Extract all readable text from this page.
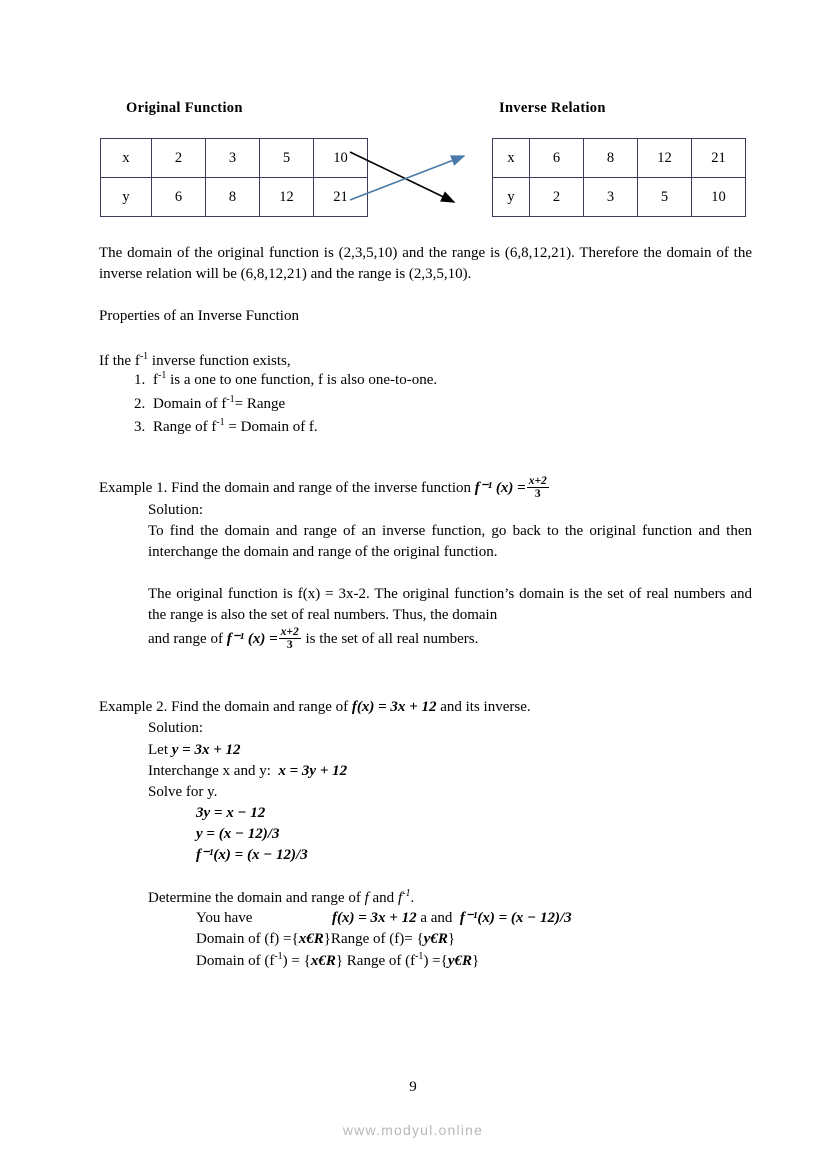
Original Function	Inverse Relation
x	2	3	5	10
y	6	8	12	21
x	6	8	12	21
y	2	3	5	10
The domain of the original function is (2,3,5,10) and the range is (6,8,12,21). Therefore the domain of the inverse relation will be (6,8,12,21) and the range is (2,3,5,10).
Properties of an Inverse Function
If the $f^{-1}$ inverse function exists,
1. $f^{-1}$ is a one to one function, f is also one-to-one.
2. Domain of $f^{-1}=$ Range
3. Range of $f^{-1}$ = Domain of f.
Example 1. Find the domain and range of the inverse function f⁻¹ $(x) = \frac{x+2}{3}$
Solution:
To find the domain and range of an inverse function, go back to the original function and then interchange the domain and range of the original function.
The original function is f(x) = 3x-2. The original function’s domain is the set of real numbers and the range is also the set of real numbers. Thus, the domain
and range of f⁻¹ $(x) = \frac{x+2}{3}$ is the set of all real numbers.
Example 2. Find the domain and range of f(x) = 3x + 12 and its inverse.
Solution:
Let y = 3x + 12
Interchange x and y: x = 3y + 12
Solve for y.
3y = x − 12
y = (x − 12)/3
f⁻¹(x) = (x − 12)/3
Determine the domain and range of f and $f^{-1}$.
You have	f(x) = 3x + 12 a and f⁻¹(x) = (x − 12)/3
Domain of (f) ={x€R}Range of (f)= {y€R}
Domain of $(f^{-1})$ = {x€R} Range of $(f^{-1})$ ={y€R}
9
www.modyul.online
